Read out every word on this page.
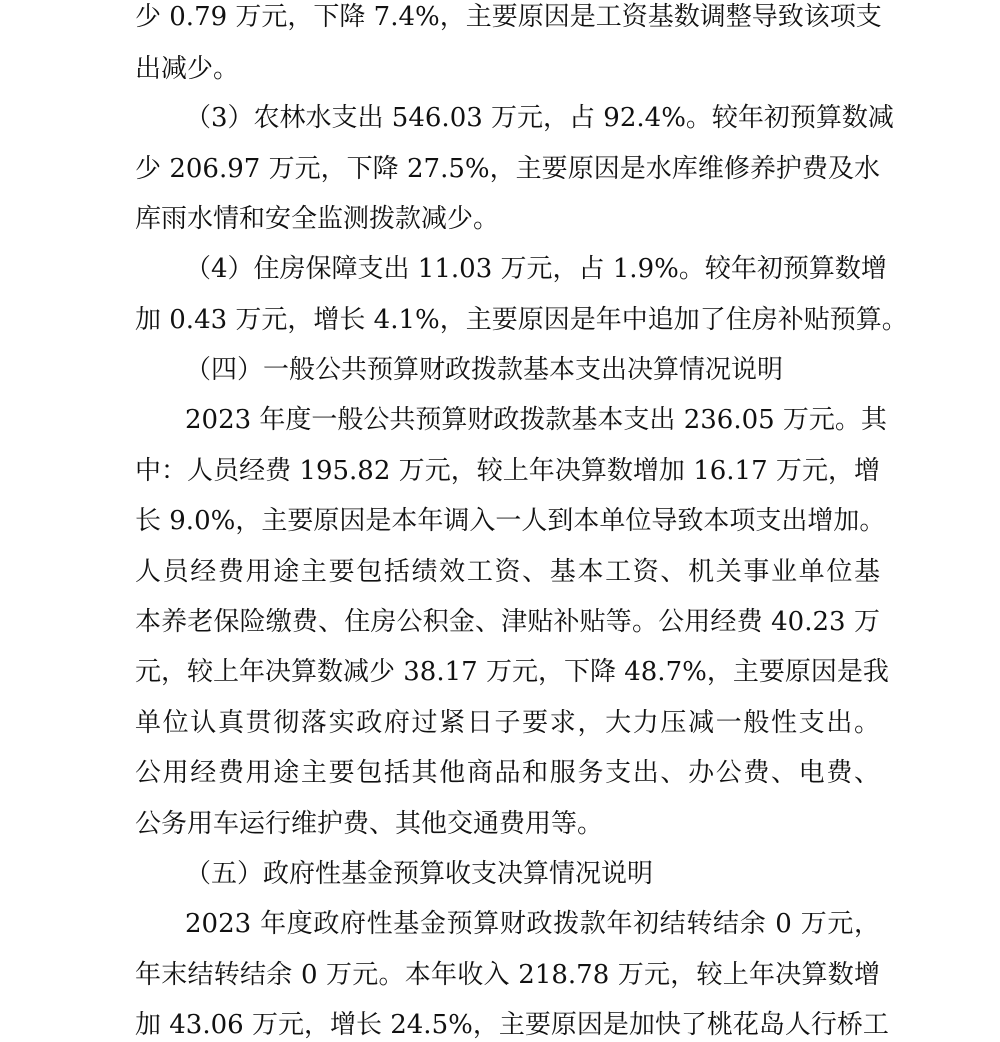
少 0.79 万元，下降 7.4%，主要原因是工资基数调整导致该项支

出减少。

（3）农林水支出 546.03 万元，占 92.4%。较年初预算数减

少 206.97 万元，下降 27.5%，主要原因是水库维修养护费及水

库雨水情和安全监测拨款减少。

（4）住房保障支出 11.03 万元，占 1.9%。较年初预算数增

加 0.43 万元，增长 4.1%，主要原因是年中追加了住房补贴预算。

（四）一般公共预算财政拨款基本支出决算情况说明

2023 年度一般公共预算财政拨款基本支出 236.05 万元。其

中：人员经费 195.82 万元，较上年决算数增加 16.17 万元，增

长 9.0%，主要原因是本年调入一人到本单位导致本项支出增加。

人员经费用途主要包括绩效工资、基本工资、机关事业单位基

本养老保险缴费、住房公积金、津贴补贴等。公用经费 40.23 万

元，较上年决算数减少 38.17 万元，下降 48.7%，主要原因是我

单位认真贯彻落实政府过紧日子要求，大力压减一般性支出。

公用经费用途主要包括其他商品和服务支出、办公费、电费、

公务用车运行维护费、其他交通费用等。

（五）政府性基金预算收支决算情况说明

2023 年度政府性基金预算财政拨款年初结转结余 0 万元，

年末结转结余 0 万元。本年收入 218.78 万元，较上年决算数增

加 43.06 万元，增长 24.5%，主要原因是加快了桃花岛人行桥工
